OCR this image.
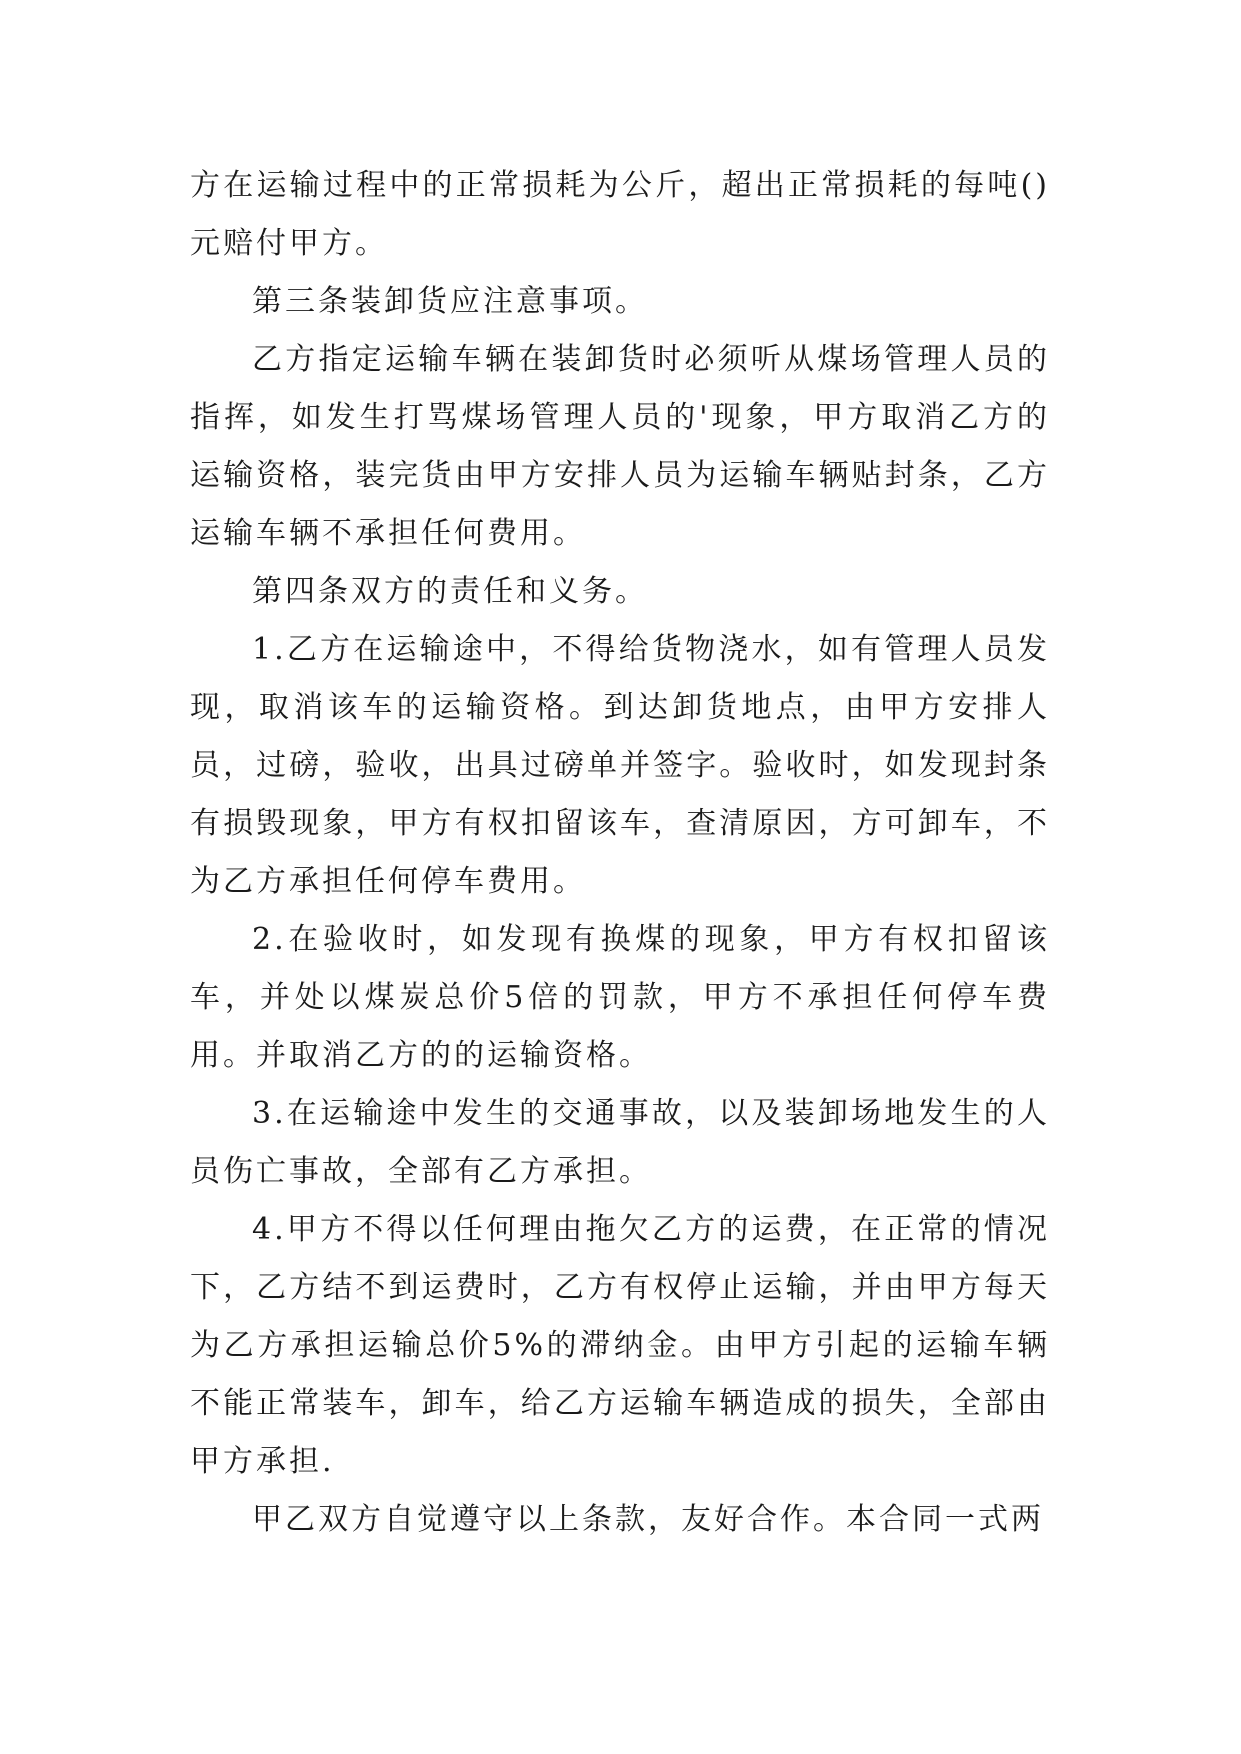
方在运输过程中的正常损耗为公斤，超出正常损耗的每吨()元赔付甲方。

第三条装卸货应注意事项。

乙方指定运输车辆在装卸货时必须听从煤场管理人员的指挥，如发生打骂煤场管理人员的'现象，甲方取消乙方的运输资格，装完货由甲方安排人员为运输车辆贴封条，乙方运输车辆不承担任何费用。

第四条双方的责任和义务。

1.乙方在运输途中，不得给货物浇水，如有管理人员发现，取消该车的运输资格。到达卸货地点，由甲方安排人员，过磅，验收，出具过磅单并签字。验收时，如发现封条有损毁现象，甲方有权扣留该车，查清原因，方可卸车，不为乙方承担任何停车费用。

2.在验收时，如发现有换煤的现象，甲方有权扣留该车，并处以煤炭总价5倍的罚款，甲方不承担任何停车费用。并取消乙方的的运输资格。

3.在运输途中发生的交通事故，以及装卸场地发生的人员伤亡事故，全部有乙方承担。

4.甲方不得以任何理由拖欠乙方的运费，在正常的情况下，乙方结不到运费时，乙方有权停止运输，并由甲方每天为乙方承担运输总价5%的滞纳金。由甲方引起的运输车辆不能正常装车，卸车，给乙方运输车辆造成的损失，全部由甲方承担.

甲乙双方自觉遵守以上条款，友好合作。本合同一式两
